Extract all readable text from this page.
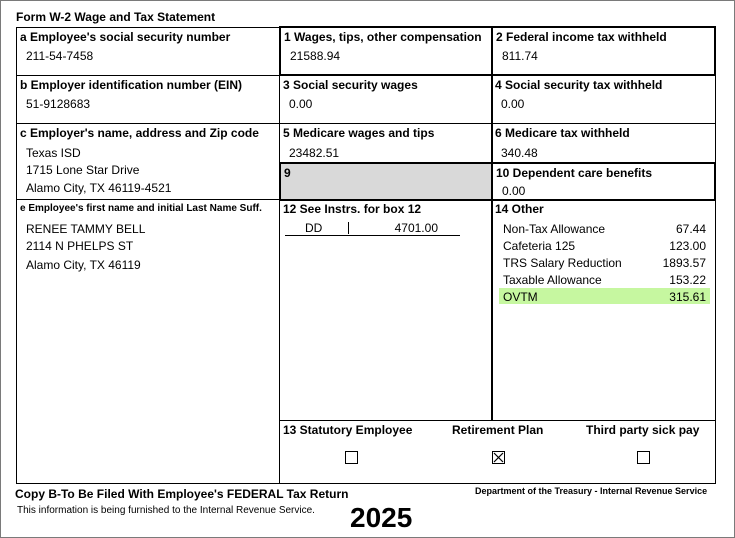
Form W-2 Wage and Tax Statement
a Employee's social security number
211-54-7458
b Employer identification number (EIN)
51-9128683
c Employer's name, address and Zip code
Texas ISD
1715 Lone Star Drive
Alamo City, TX 46119-4521
e Employee's first name and initial Last Name Suff.
RENEE TAMMY BELL
2114 N PHELPS ST
Alamo City, TX 46119
1 Wages, tips, other compensation
21588.94
3 Social security wages
0.00
5 Medicare wages and tips
23482.51
9
12 See Instrs. for box 12
DD	4701.00
2 Federal income tax withheld
811.74
4 Social security tax withheld
0.00
6 Medicare tax withheld
340.48
10 Dependent care benefits
0.00
14 Other
Non-Tax Allowance	67.44
Cafeteria 125	123.00
TRS Salary Reduction	1893.57
Taxable Allowance	153.22
OVTM	315.61
13 Statutory Employee	Retirement Plan	Third party sick pay
Copy B-To Be Filed With Employee's FEDERAL Tax Return	Department of the Treasury - Internal Revenue Service
This information is being furnished to the Internal Revenue Service. 2025
